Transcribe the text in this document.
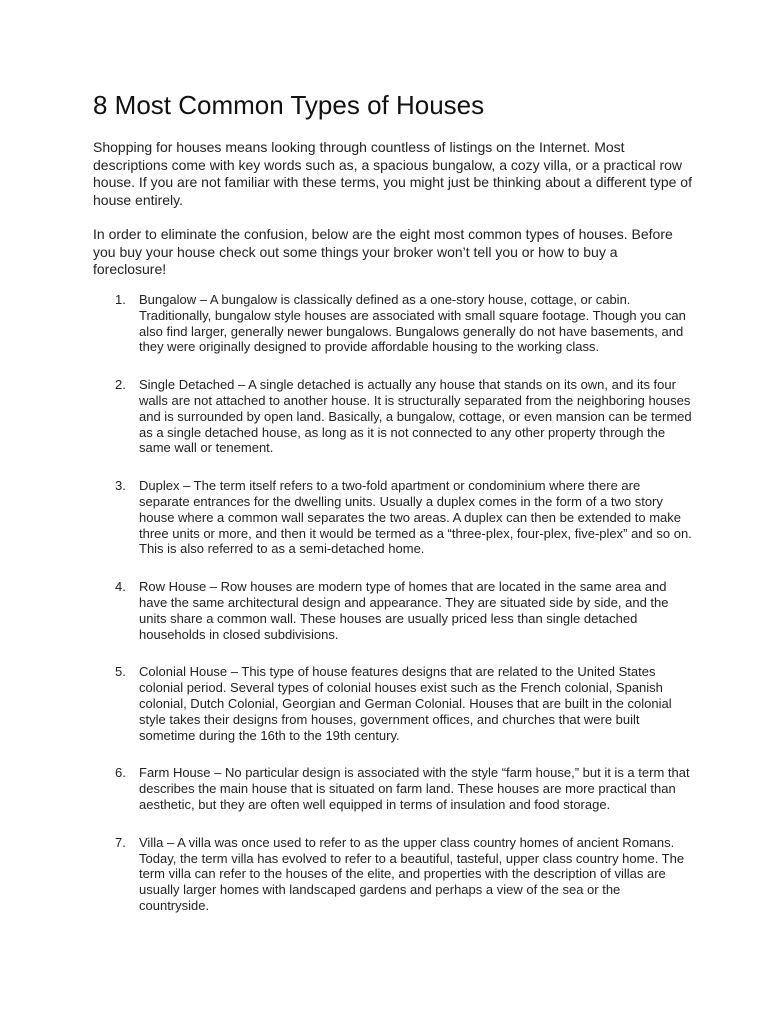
8 Most Common Types of Houses

Shopping for houses means looking through countless of listings on the Internet. Most descriptions come with key words such as, a spacious bungalow, a cozy villa, or a practical row house. If you are not familiar with these terms, you might just be thinking about a different type of house entirely.

In order to eliminate the confusion, below are the eight most common types of houses. Before you buy your house check out some things your broker won’t tell you or how to buy a foreclosure!

1. Bungalow – A bungalow is classically defined as a one-story house, cottage, or cabin. Traditionally, bungalow style houses are associated with small square footage. Though you can also find larger, generally newer bungalows. Bungalows generally do not have basements, and they were originally designed to provide affordable housing to the working class.
2. Single Detached – A single detached is actually any house that stands on its own, and its four walls are not attached to another house. It is structurally separated from the neighboring houses and is surrounded by open land. Basically, a bungalow, cottage, or even mansion can be termed as a single detached house, as long as it is not connected to any other property through the same wall or tenement.
3. Duplex – The term itself refers to a two-fold apartment or condominium where there are separate entrances for the dwelling units. Usually a duplex comes in the form of a two story house where a common wall separates the two areas. A duplex can then be extended to make three units or more, and then it would be termed as a “three-plex, four-plex, five-plex” and so on. This is also referred to as a semi-detached home.
4. Row House – Row houses are modern type of homes that are located in the same area and have the same architectural design and appearance. They are situated side by side, and the units share a common wall. These houses are usually priced less than single detached households in closed subdivisions.
5. Colonial House – This type of house features designs that are related to the United States colonial period. Several types of colonial houses exist such as the French colonial, Spanish colonial, Dutch Colonial, Georgian and German Colonial. Houses that are built in the colonial style takes their designs from houses, government offices, and churches that were built sometime during the 16th to the 19th century.
6. Farm House – No particular design is associated with the style “farm house,” but it is a term that describes the main house that is situated on farm land. These houses are more practical than aesthetic, but they are often well equipped in terms of insulation and food storage.
7. Villa – A villa was once used to refer to as the upper class country homes of ancient Romans. Today, the term villa has evolved to refer to a beautiful, tasteful, upper class country home. The term villa can refer to the houses of the elite, and properties with the description of villas are usually larger homes with landscaped gardens and perhaps a view of the sea or the countryside.
